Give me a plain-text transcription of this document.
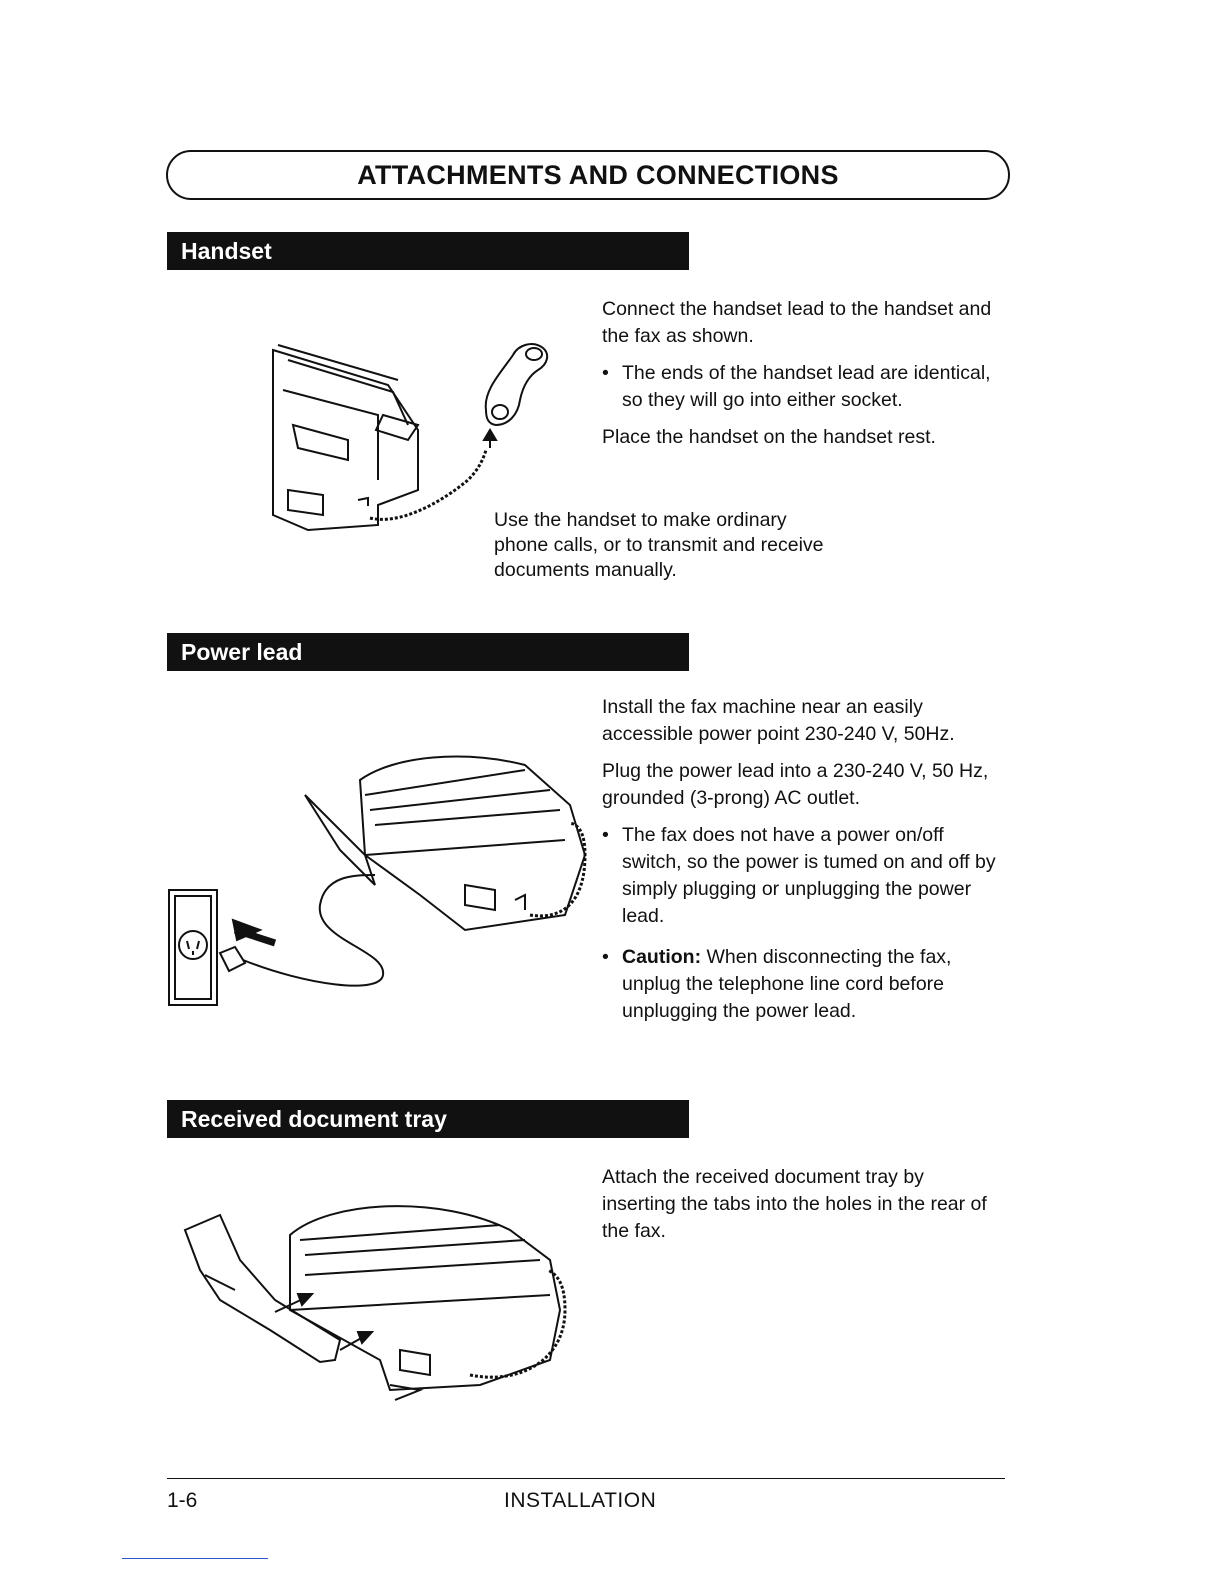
ATTACHMENTS AND CONNECTIONS
Handset

Connect the handset lead to the handset and the fax as shown.

• The ends of the handset lead are identical, so they will go into either socket.

Place the handset on the handset rest.

Use the handset to make ordinary phone calls, or to transmit and receive documents manually.

Power lead

Install the fax machine near an easily accessible power point 230-240 V, 50Hz.

Plug the power lead into a 230-240 V, 50 Hz, grounded (3-prong) AC outlet.

• The fax does not have a power on/off switch, so the power is tumed on and off by simply plugging or unplugging the power lead.

• Caution: When disconnecting the fax, unplug the telephone line cord before unplugging the power lead.

Received document tray

Attach the received document tray by inserting the tabs into the holes in the rear of the fax.

1-6	INSTALLATION
